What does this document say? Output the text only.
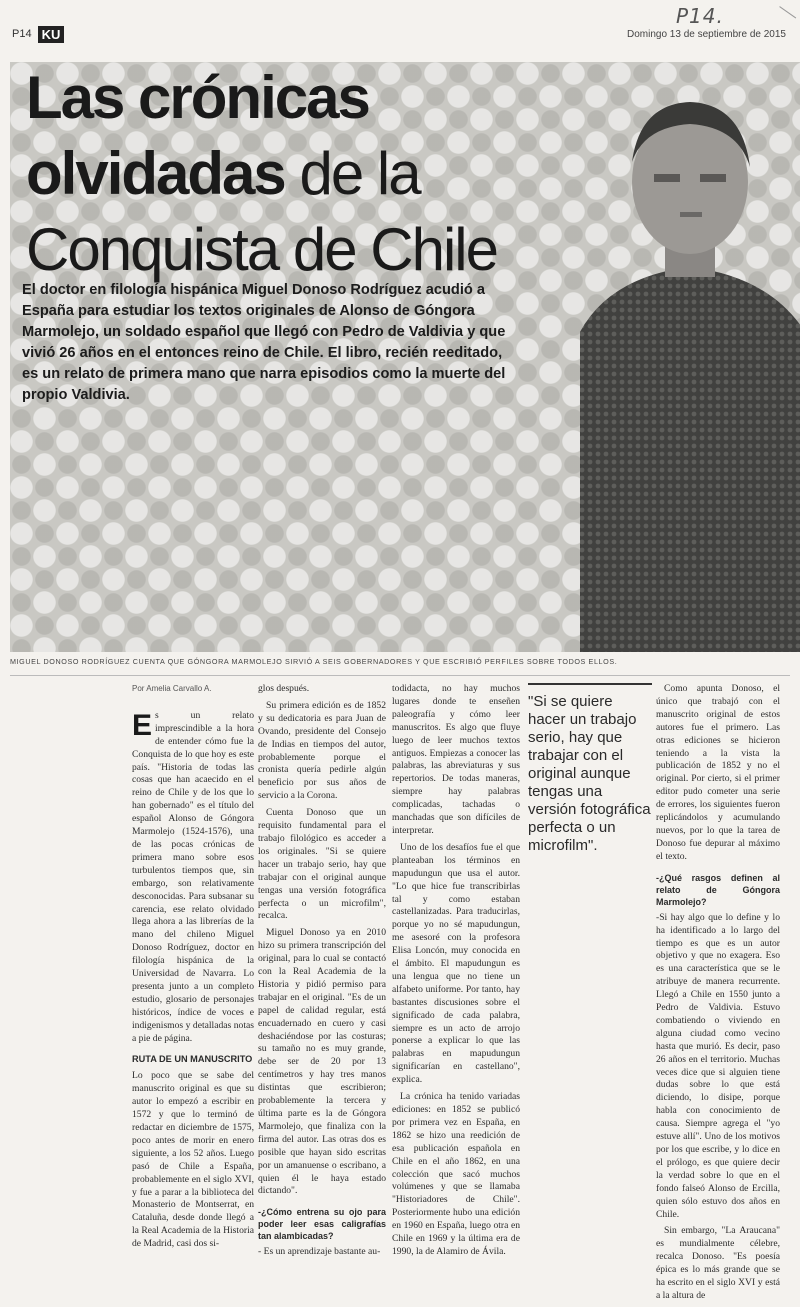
P14.
P14 KU	Domingo 13 de septiembre de 2015
Las crónicas
olvidadas de la
Conquista de Chile
El doctor en filología hispánica Miguel Donoso Rodríguez acudió a España para estudiar los textos originales de Alonso de Góngora Marmolejo, un soldado español que llegó con Pedro de Valdivia y que vivió 26 años en el entonces reino de Chile. El libro, recién reeditado, es un relato de primera mano que narra episodios como la muerte del propio Valdivia.
MIGUEL DONOSO RODRÍGUEZ CUENTA QUE GÓNGORA MARMOLEJO SIRVIÓ A SEIS GOBERNADORES Y QUE ESCRIBIÓ PERFILES SOBRE TODOS ELLOS.
Por Amelia Carvallo A.

Es un relato imprescindible a la hora de entender cómo fue la Conquista de lo que hoy es este país. "Historia de todas las cosas que han acaecido en el reino de Chile y de los que lo han gobernado" es el título del español Alonso de Góngora Marmolejo (1524-1576), una de las pocas crónicas de primera mano sobre esos turbulentos tiempos que, sin embargo, son relativamente desconocidas. Para subsanar su carencia, ese relato olvidado llega ahora a las librerías de la mano del chileno Miguel Donoso Rodríguez, doctor en filología hispánica de la Universidad de Navarra. Lo presenta junto a un completo estudio, glosario de personajes históricos, índice de voces e indigenismos y detalladas notas a pie de página.

RUTA DE UN MANUSCRITO

Lo poco que se sabe del manuscrito original es que su autor lo empezó a escribir en 1572 y que lo terminó de redactar en diciembre de 1575, poco antes de morir en enero siguiente, a los 52 años. Luego pasó de Chile a España, probablemente en el siglo XVI, y fue a parar a la biblioteca del Monasterio de Montserrat, en Cataluña, desde donde llegó a la Real Academia de la Historia de Madrid, casi dos si-

glos después.

Su primera edición es de 1852 y su dedicatoria es para Juan de Ovando, presidente del Consejo de Indias en tiempos del autor, probablemente porque el cronista quería pedirle algún beneficio por sus años de servicio a la Corona.

Cuenta Donoso que un requisito fundamental para el trabajo filológico es acceder a los originales. "Si se quiere hacer un trabajo serio, hay que trabajar con el original aunque tengas una versión fotográfica perfecta o un microfilm", recalca.

Miguel Donoso ya en 2010 hizo su primera transcripción del original, para lo cual se contactó con la Real Academia de la Historia y pidió permiso para trabajar en el original. "Es de un papel de calidad regular, está encuadernado en cuero y casi deshaciéndose por las costuras; su tamaño no es muy grande, debe ser de 20 por 13 centímetros y hay tres manos distintas que escribieron; probablemente la tercera y última parte es la de Góngora Marmolejo, que finaliza con la firma del autor. Las otras dos es posible que hayan sido escritas por un amanuense o escribano, a quien él le haya estado dictando".

-¿Cómo entrena su ojo para poder leer esas caligrafías tan alambicadas?

- Es un aprendizaje bastante au-

todidacta, no hay muchos lugares donde te enseñen paleografía y cómo leer manuscritos. Es algo que fluye luego de leer muchos textos antiguos. Empiezas a conocer las palabras, las abreviaturas y sus repertorios. De todas maneras, siempre hay palabras complicadas, tachadas o manchadas que son difíciles de interpretar.

Uno de los desafíos fue el que planteaban los términos en mapudungun que usa el autor. "Lo que hice fue transcribirlas tal y como estaban castellanizadas. Para traducirlas, porque yo no sé mapudungun, me asesoré con la profesora Elisa Loncón, muy conocida en el ámbito. El mapudungun es una lengua que no tiene un alfabeto uniforme. Por tanto, hay bastantes discusiones sobre el significado de cada palabra, siempre es un acto de arrojo ponerse a explicar lo que las palabras en mapudungun significarían en castellano", explica.

La crónica ha tenido variadas ediciones: en 1852 se publicó por primera vez en España, en 1862 se hizo una reedición de esa publicación española en Chile en el año 1862, en una colección que sacó muchos volúmenes y que se llamaba "Historiadores de Chile". Posteriormente hubo una edición en 1960 en España, luego otra en Chile en 1969 y la última era de 1990, la de Alamiro de Ávila.

"Si se quiere hacer un trabajo serio, hay que trabajar con el original aunque tengas una versión fotográfica perfecta o un microfilm".

Como apunta Donoso, el único que trabajó con el manuscrito original de estos autores fue el primero. Las otras ediciones se hicieron teniendo a la vista la publicación de 1852 y no el original. Por cierto, si el primer editor pudo cometer una serie de errores, los siguientes fueron replicándolos y acumulando nuevos, por lo que la tarea de Donoso fue depurar al máximo el texto.

-¿Qué rasgos definen al relato de Góngora Marmolejo?

-Si hay algo que lo define y lo ha identificado a lo largo del tiempo es que es un autor objetivo y que no exagera. Eso es una característica que se le atribuye de manera recurrente. Llegó a Chile en 1550 junto a Pedro de Valdivia. Estuvo combatiendo o viviendo en alguna ciudad como vecino hasta que murió. Es decir, paso 26 años en el territorio. Muchas veces dice que si alguien tiene dudas sobre lo que está diciendo, lo disipe, porque habla con conocimiento de causa. Siempre agrega el "yo estuve allí". Uno de los motivos por los que escribe, y lo dice en el prólogo, es que quiere decir la verdad sobre lo que en el fondo falseó Alonso de Ercilla, quien sólo estuvo dos años en Chile.

Sin embargo, "La Araucana" es mundialmente célebre, recalca Donoso. "Es poesía épica es lo más grande que se ha escrito en el siglo XVI y está a la altura de
